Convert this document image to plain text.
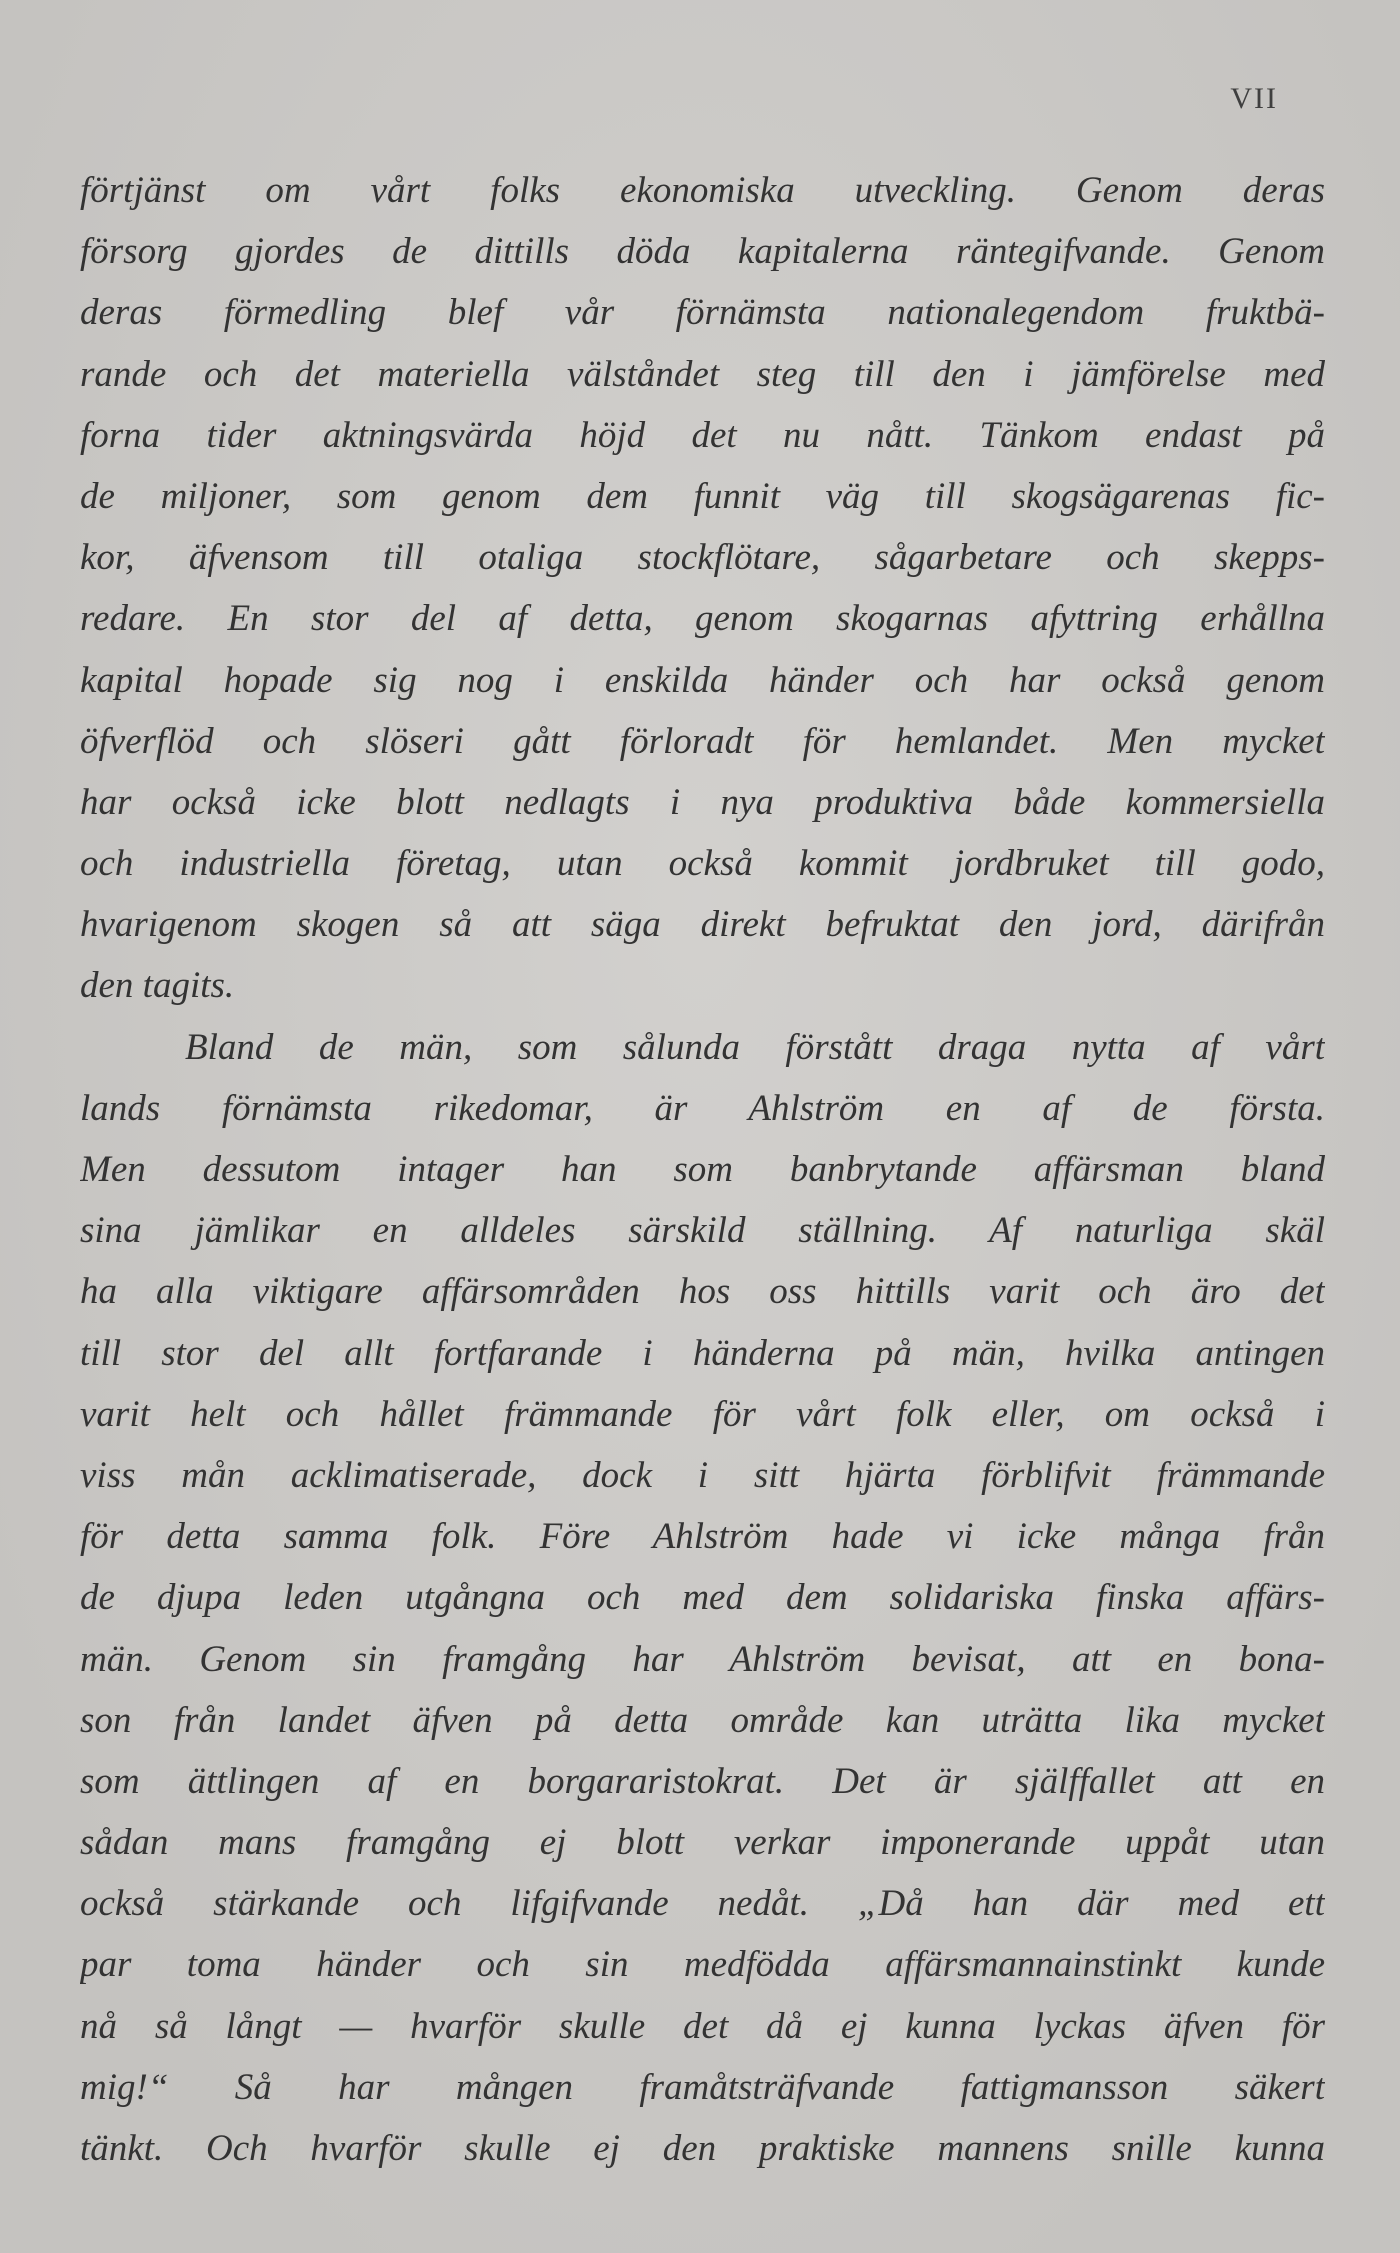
VII
förtjänst om vårt folks ekonomiska utveckling. Genom deras
försorg gjordes de dittills döda kapitalerna räntegifvande. Genom
deras förmedling blef vår förnämsta nationalegendom fruktbä-
rande och det materiella välståndet steg till den i jämförelse med
forna tider aktningsvärda höjd det nu nått. Tänkom endast på
de miljoner, som genom dem funnit väg till skogsägarenas fic-
kor, äfvensom till otaliga stockflötare, sågarbetare och skepps-
redare. En stor del af detta, genom skogarnas afyttring erhållna
kapital hopade sig nog i enskilda händer och har också genom
öfverflöd och slöseri gått förloradt för hemlandet. Men mycket
har också icke blott nedlagts i nya produktiva både kommersiella
och industriella företag, utan också kommit jordbruket till godo,
hvarigenom skogen så att säga direkt befruktat den jord, därifrån
den tagits.
Bland de män, som sålunda förstått draga nytta af vårt
lands förnämsta rikedomar, är Ahlström en af de första.
Men dessutom intager han som banbrytande affärsman bland
sina jämlikar en alldeles särskild ställning. Af naturliga skäl
ha alla viktigare affärsområden hos oss hittills varit och äro det
till stor del allt fortfarande i händerna på män, hvilka antingen
varit helt och hållet främmande för vårt folk eller, om också i
viss mån acklimatiserade, dock i sitt hjärta förblifvit främmande
för detta samma folk. Före Ahlström hade vi icke många från
de djupa leden utgångna och med dem solidariska finska affärs-
män. Genom sin framgång har Ahlström bevisat, att en bona-
son från landet äfven på detta område kan uträtta lika mycket
som ättlingen af en borgararistokrat. Det är själffallet att en
sådan mans framgång ej blott verkar imponerande uppåt utan
också stärkande och lifgifvande nedåt. „Då han där med ett
par toma händer och sin medfödda affärsmannainstinkt kunde
nå så långt — hvarför skulle det då ej kunna lyckas äfven för
mig!“ Så har mången framåtsträfvande fattigmansson säkert
tänkt. Och hvarför skulle ej den praktiske mannens snille kunna
